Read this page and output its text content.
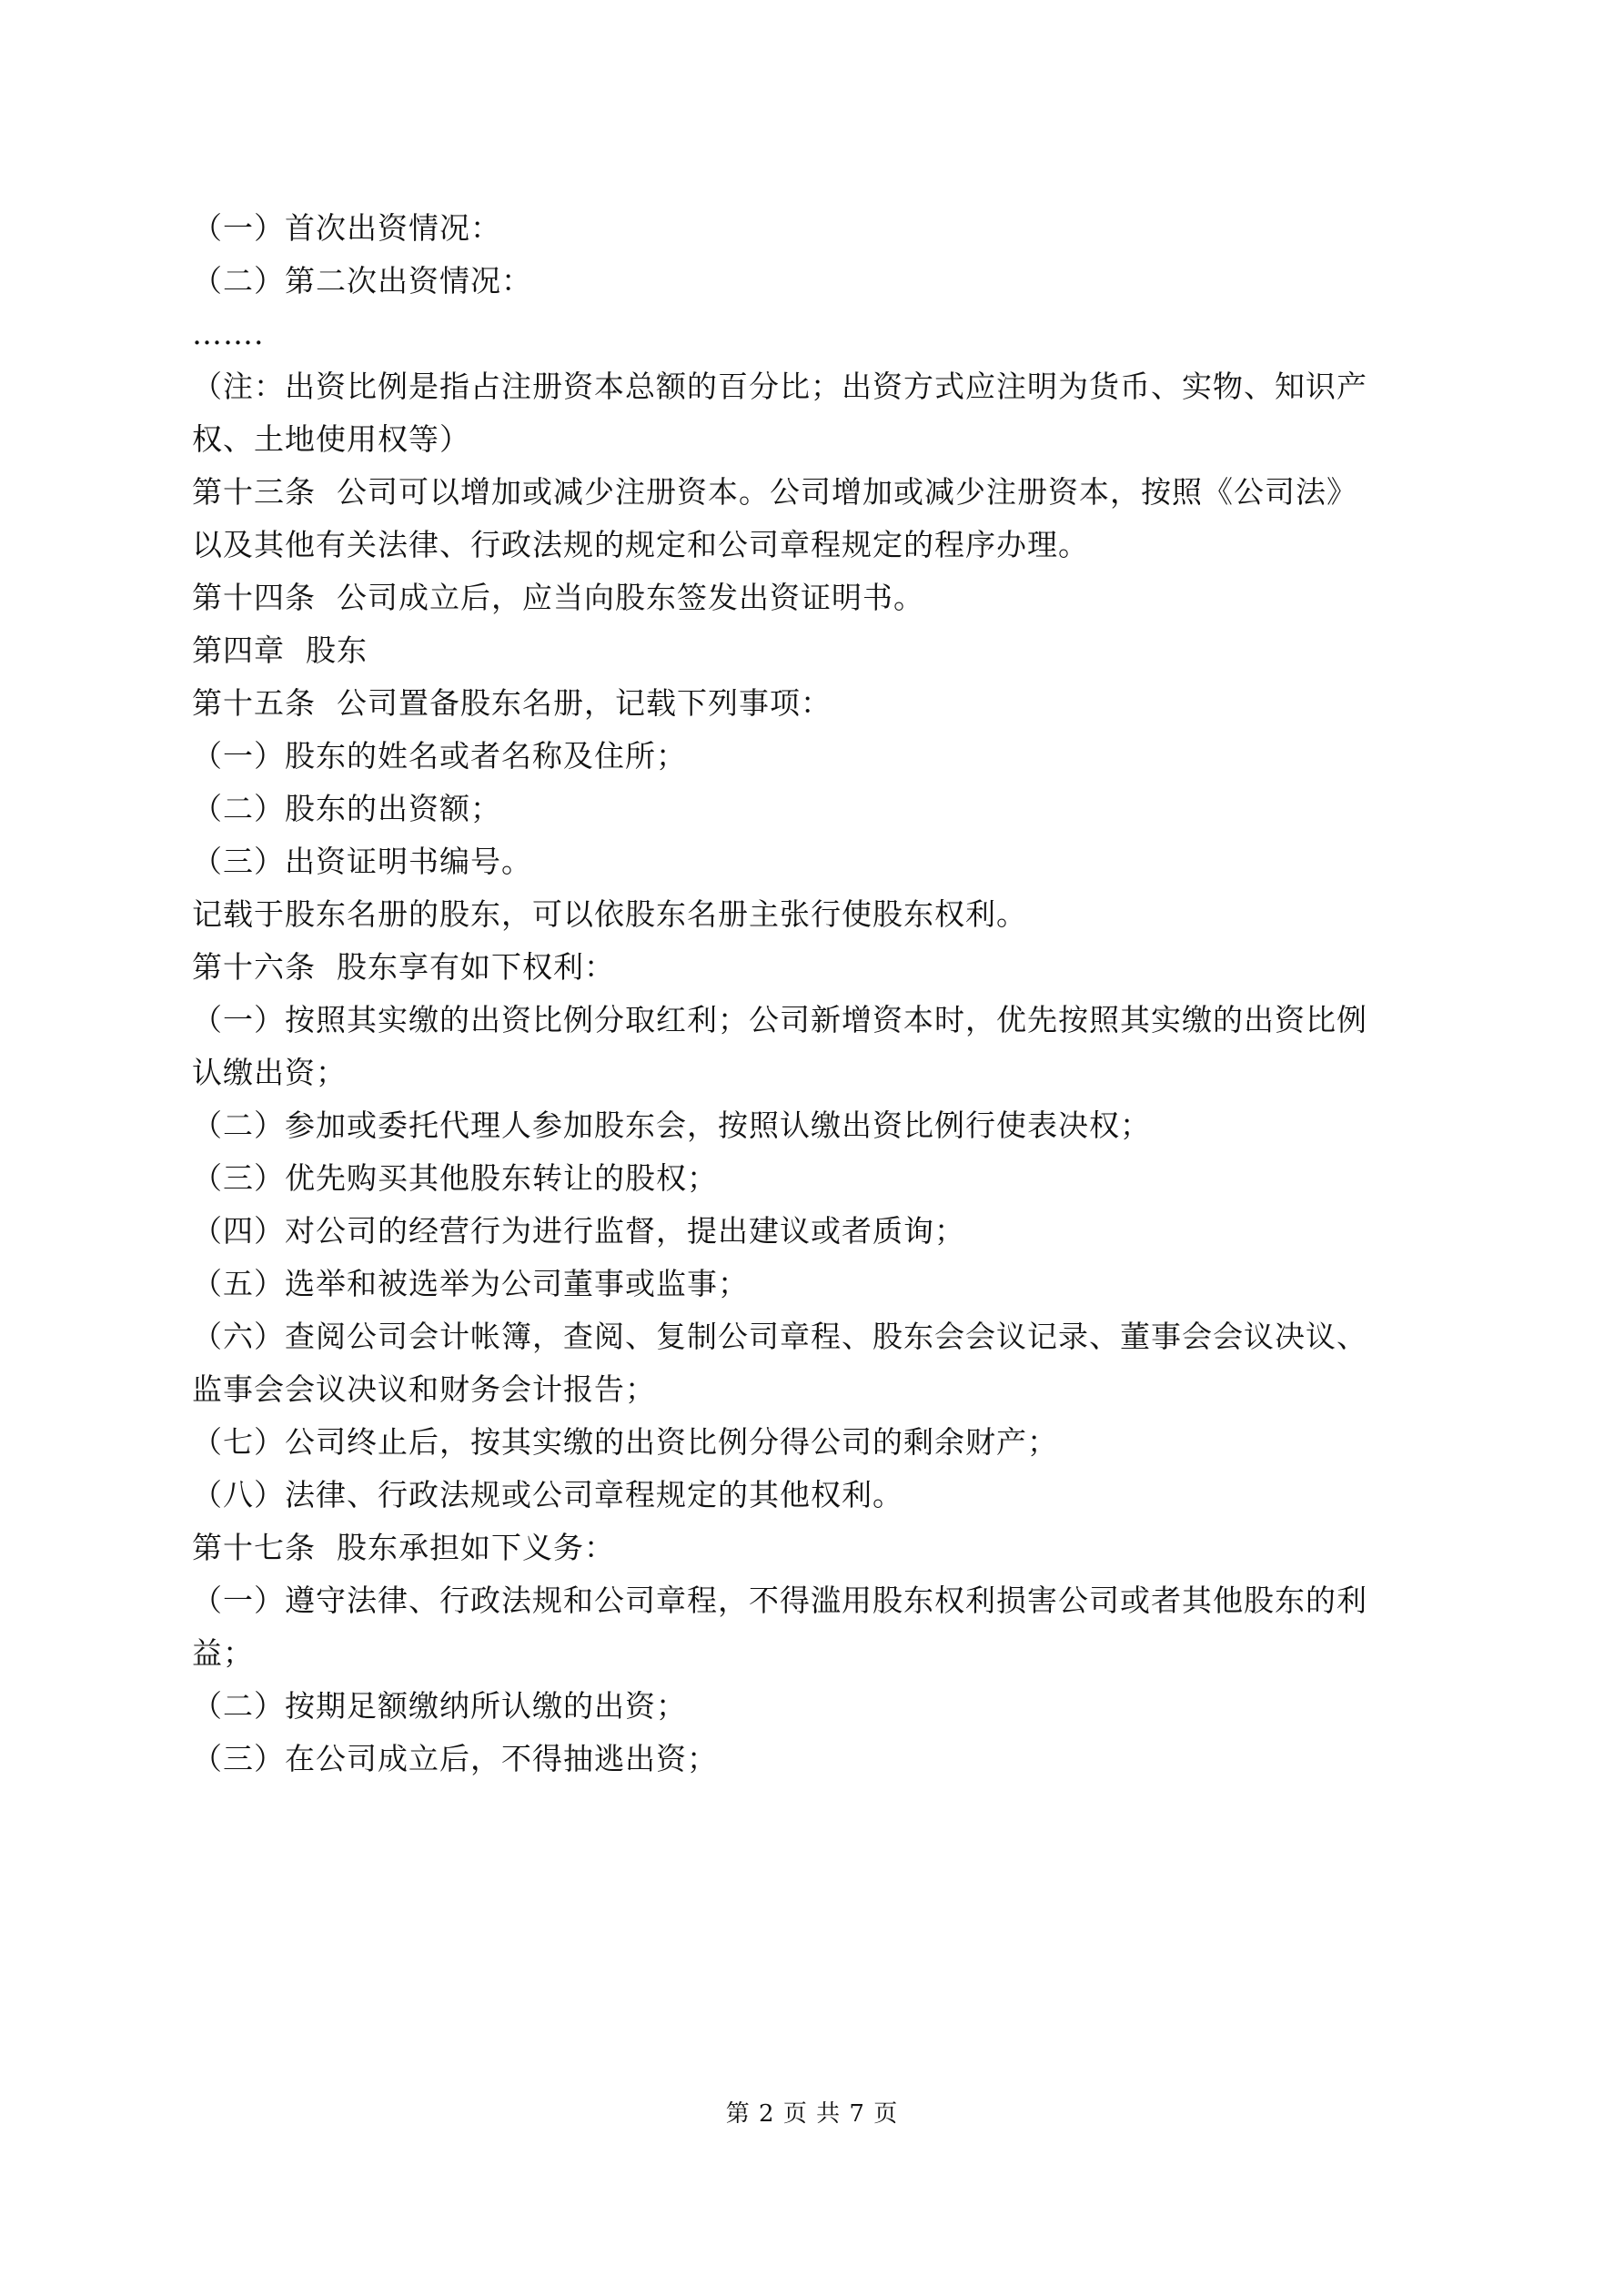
（一）首次出资情况：
（二）第二次出资情况：
…….
（注：出资比例是指占注册资本总额的百分比；出资方式应注明为货币、实物、知识产
权、土地使用权等）
第十三条  公司可以增加或减少注册资本。公司增加或减少注册资本，按照《公司法》
以及其他有关法律、行政法规的规定和公司章程规定的程序办理。
第十四条  公司成立后，应当向股东签发出资证明书。
第四章  股东
第十五条  公司置备股东名册，记载下列事项：
（一）股东的姓名或者名称及住所；
（二）股东的出资额；
（三）出资证明书编号。
记载于股东名册的股东，可以依股东名册主张行使股东权利。
第十六条  股东享有如下权利：
（一）按照其实缴的出资比例分取红利；公司新增资本时，优先按照其实缴的出资比例
认缴出资；
（二）参加或委托代理人参加股东会，按照认缴出资比例行使表决权；
（三）优先购买其他股东转让的股权；
（四）对公司的经营行为进行监督，提出建议或者质询；
（五）选举和被选举为公司董事或监事；
（六）查阅公司会计帐簿，查阅、复制公司章程、股东会会议记录、董事会会议决议、
监事会会议决议和财务会计报告；
（七）公司终止后，按其实缴的出资比例分得公司的剩余财产；
（八）法律、行政法规或公司章程规定的其他权利。
第十七条  股东承担如下义务：
（一）遵守法律、行政法规和公司章程，不得滥用股东权利损害公司或者其他股东的利
益；
（二）按期足额缴纳所认缴的出资；
（三）在公司成立后，不得抽逃出资；
第 2 页 共 7 页
